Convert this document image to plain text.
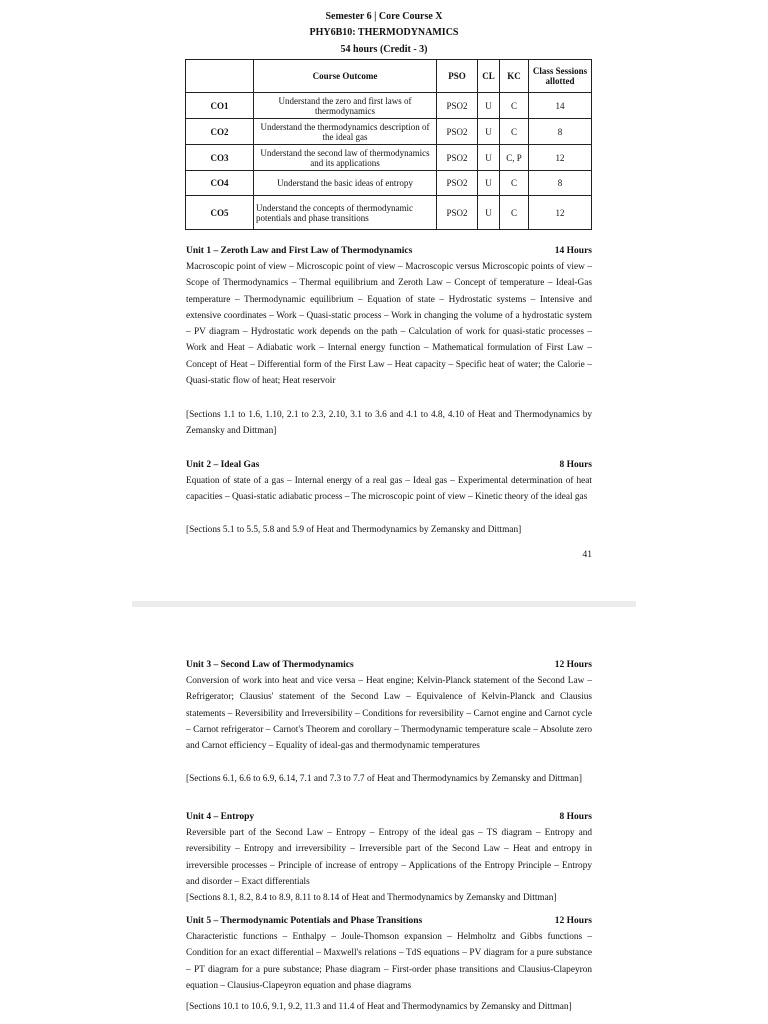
Semester 6 | Core Course X
PHY6B10: THERMODYNAMICS
54 hours (Credit - 3)
	Course Outcome	PSO	CL	KC	Class Sessions allotted
CO1	Understand the zero and first laws of thermodynamics	PSO2	U	C	14
CO2	Understand the thermodynamics description of the ideal gas	PSO2	U	C	8
CO3	Understand the second law of thermodynamics and its applications	PSO2	U	C, P	12
CO4	Understand the basic ideas of entropy	PSO2	U	C	8
CO5	Understand the concepts of thermodynamic potentials and phase transitions	PSO2	U	C	12
Unit 1 – Zeroth Law and First Law of Thermodynamics	14 Hours
Macroscopic point of view – Microscopic point of view – Macroscopic versus Microscopic points of view – Scope of Thermodynamics – Thermal equilibrium and Zeroth Law – Concept of temperature – Ideal-Gas temperature – Thermodynamic equilibrium – Equation of state – Hydrostatic systems – Intensive and extensive coordinates – Work – Quasi-static process – Work in changing the volume of a hydrostatic system – PV diagram – Hydrostatic work depends on the path – Calculation of work for quasi-static processes – Work and Heat – Adiabatic work – Internal energy function – Mathematical formulation of First Law – Concept of Heat – Differential form of the First Law – Heat capacity – Specific heat of water; the Calorie – Quasi-static flow of heat; Heat reservoir
[Sections 1.1 to 1.6, 1.10, 2.1 to 2.3, 2.10, 3.1 to 3.6 and 4.1 to 4.8, 4.10 of Heat and Thermodynamics by Zemansky and Dittman]
Unit 2 – Ideal Gas	8 Hours
Equation of state of a gas – Internal energy of a real gas – Ideal gas – Experimental determination of heat capacities – Quasi-static adiabatic process – The microscopic point of view – Kinetic theory of the ideal gas
[Sections 5.1 to 5.5, 5.8 and 5.9 of Heat and Thermodynamics by Zemansky and Dittman]
41
Unit 3 – Second Law of Thermodynamics	12 Hours
Conversion of work into heat and vice versa – Heat engine; Kelvin-Planck statement of the Second Law – Refrigerator; Clausius' statement of the Second Law – Equivalence of Kelvin-Planck and Clausius statements – Reversibility and Irreversibility – Conditions for reversibility – Carnot engine and Carnot cycle – Carnot refrigerator – Carnot's Theorem and corollary – Thermodynamic temperature scale – Absolute zero and Carnot efficiency – Equality of ideal-gas and thermodynamic temperatures
[Sections 6.1, 6.6 to 6.9, 6.14, 7.1 and 7.3 to 7.7 of Heat and Thermodynamics by Zemansky and Dittman]
Unit 4 – Entropy	8 Hours
Reversible part of the Second Law – Entropy – Entropy of the ideal gas – TS diagram – Entropy and reversibility – Entropy and irreversibility – Irreversible part of the Second Law – Heat and entropy in irreversible processes – Principle of increase of entropy – Applications of the Entropy Principle – Entropy and disorder – Exact differentials
[Sections 8.1, 8.2, 8.4 to 8.9, 8.11 to 8.14 of Heat and Thermodynamics by Zemansky and Dittman]
Unit 5 – Thermodynamic Potentials and Phase Transitions	12 Hours
Characteristic functions – Enthalpy – Joule-Thomson expansion – Helmholtz and Gibbs functions – Condition for an exact differential – Maxwell's relations – TdS equations – PV diagram for a pure substance – PT diagram for a pure substance; Phase diagram – First-order phase transitions and Clausius-Clapeyron equation – Clausius-Clapeyron equation and phase diagrams
[Sections 10.1 to 10.6, 9.1, 9.2, 11.3 and 11.4 of Heat and Thermodynamics by Zemansky and Dittman]
